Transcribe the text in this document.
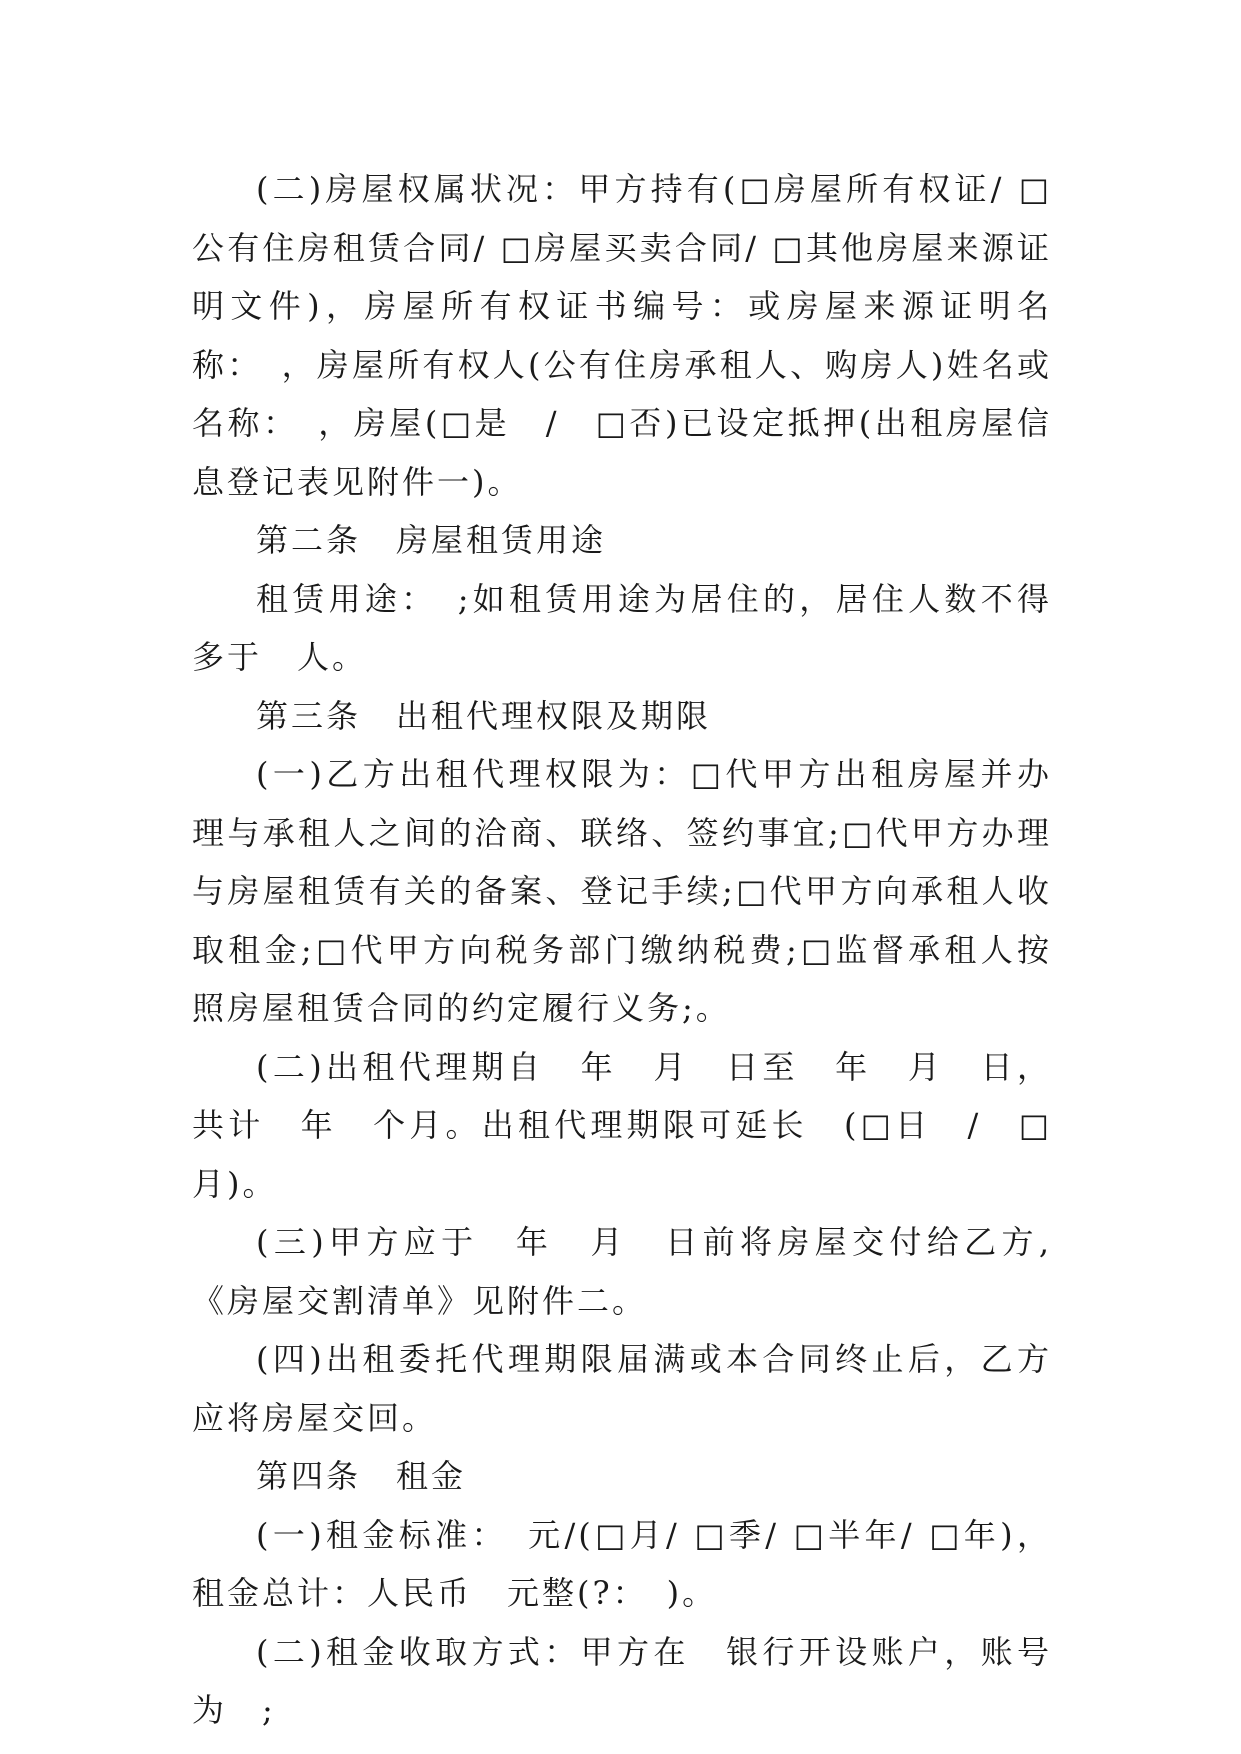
(二)房屋权属状况：甲方持有(□房屋所有权证/ □公有住房租赁合同/ □房屋买卖合同/ □其他房屋来源证明文件)，房屋所有权证书编号：或房屋来源证明名称：　，房屋所有权人(公有住房承租人、购房人)姓名或名称：　，房屋(□是　/　□否)已设定抵押(出租房屋信息登记表见附件一)。

第二条　房屋租赁用途

租赁用途：　;如租赁用途为居住的，居住人数不得多于　人。

第三条　出租代理权限及期限

(一)乙方出租代理权限为：□代甲方出租房屋并办理与承租人之间的洽商、联络、签约事宜;□代甲方办理与房屋租赁有关的备案、登记手续;□代甲方向承租人收取租金;□代甲方向税务部门缴纳税费;□监督承租人按照房屋租赁合同的约定履行义务;。

(二)出租代理期自　年　月　日至　年　月　日，共计　年　个月。出租代理期限可延长　(□日　/　□月)。

(三)甲方应于　年　月　日前将房屋交付给乙方,《房屋交割清单》见附件二。

(四)出租委托代理期限届满或本合同终止后，乙方应将房屋交回。

第四条　租金

(一)租金标准：　元/(□月/ □季/ □半年/ □年)，租金总计：人民币　元整(?：　)。

(二)租金收取方式：甲方在　银行开设账户，账号为　;
